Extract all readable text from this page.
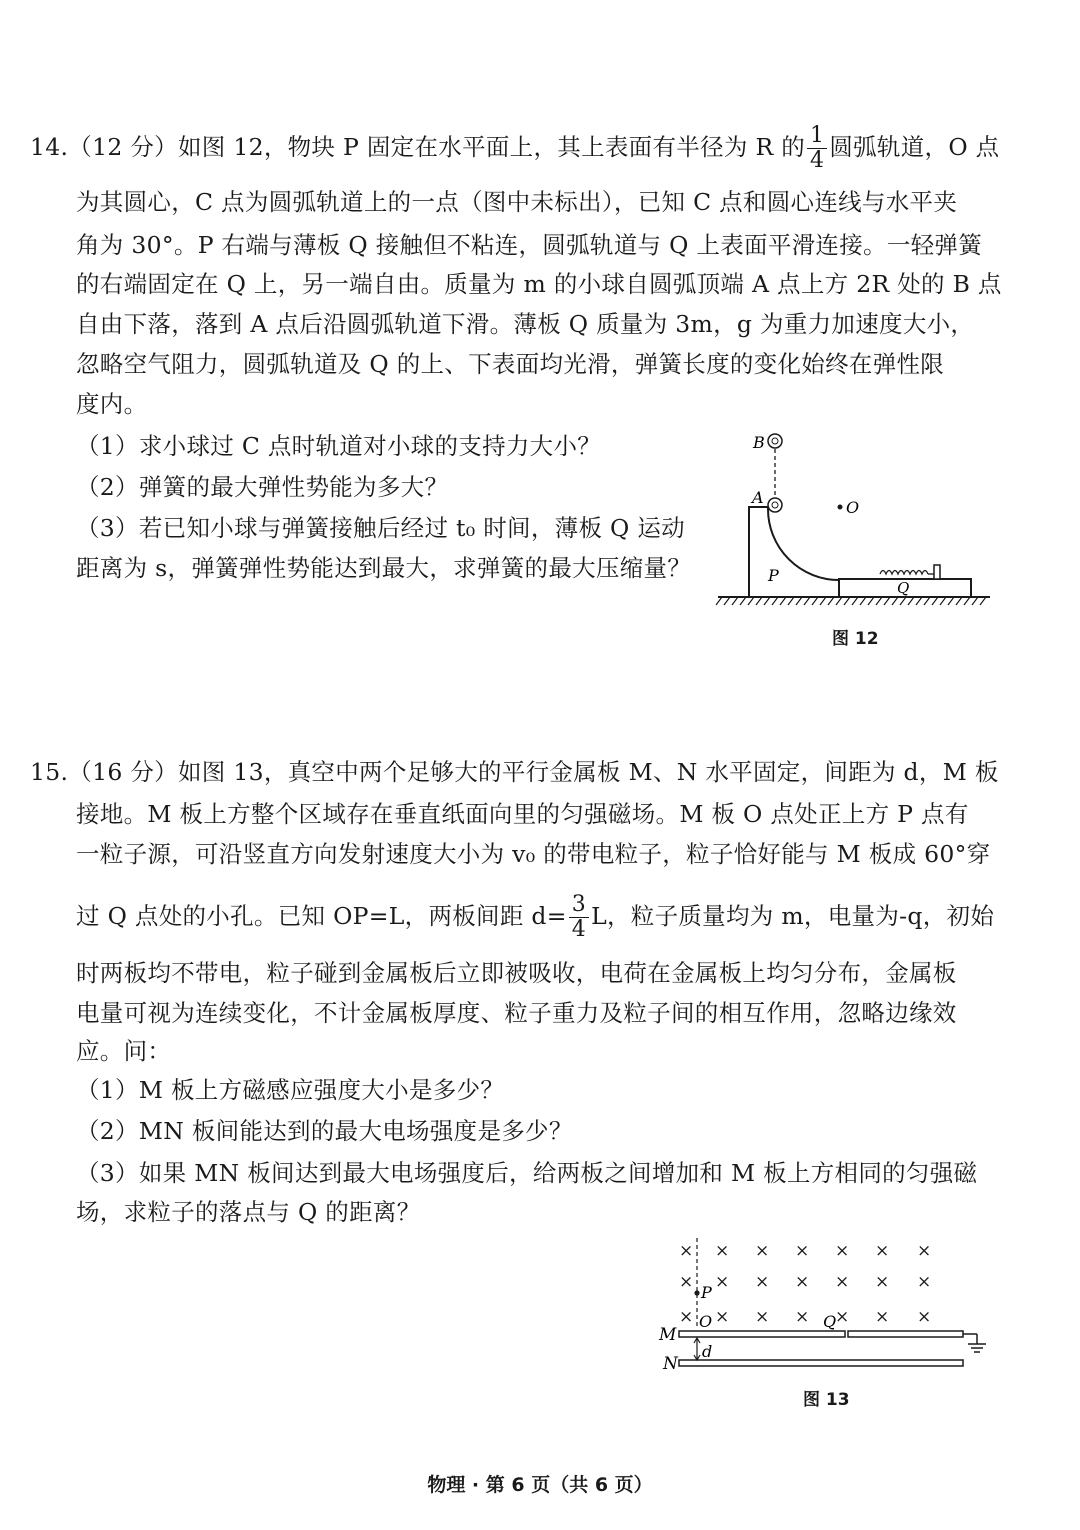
14.（12 分）如图 12，物块 P 固定在水平面上，其上表面有半径为 R 的 $\frac{1}{4}$ 圆弧轨道，O 点
为其圆心，C 点为圆弧轨道上的一点（图中未标出），已知 C 点和圆心连线与水平夹
角为 30°。P 右端与薄板 Q 接触但不粘连，圆弧轨道与 Q 上表面平滑连接。一轻弹簧
的右端固定在 Q 上，另一端自由。质量为 m 的小球自圆弧顶端 A 点上方 2R 处的 B 点
自由下落，落到 A 点后沿圆弧轨道下滑。薄板 Q 质量为 3m，g 为重力加速度大小，
忽略空气阻力，圆弧轨道及 Q 的上、下表面均光滑，弹簧长度的变化始终在弹性限
度内。
（1）求小球过 C 点时轨道对小球的支持力大小？
（2）弹簧的最大弹性势能为多大？
（3）若已知小球与弹簧接触后经过 t₀ 时间，薄板 Q 运动
距离为 s，弹簧弹性势能达到最大，求弹簧的最大压缩量？
B
A
O
P
Q
图 12
15.（16 分）如图 13，真空中两个足够大的平行金属板 M、N 水平固定，间距为 d，M 板
接地。M 板上方整个区域存在垂直纸面向里的匀强磁场。M 板 O 点处正上方 P 点有
一粒子源，可沿竖直方向发射速度大小为 v₀ 的带电粒子，粒子恰好能与 M 板成 60°穿
过 Q 点处的小孔。已知 OP=L，两板间距 $d= \frac{3}{4}$ L，粒子质量均为 m，电量为-q，初始
时两板均不带电，粒子碰到金属板后立即被吸收，电荷在金属板上均匀分布，金属板
电量可视为连续变化，不计金属板厚度、粒子重力及粒子间的相互作用，忽略边缘效
应。问：
（1）M 板上方磁感应强度大小是多少？
（2）MN 板间能达到的最大电场强度是多少？
（3）如果 MN 板间达到最大电场强度后，给两板之间增加和 M 板上方相同的匀强磁
场，求粒子的落点与 Q 的距离？
× × × × × × ×
× × × × × × ×
× × × × × × ×
P
O	Q
M
N
d
图 13
物理 · 第 6 页（共 6 页）
